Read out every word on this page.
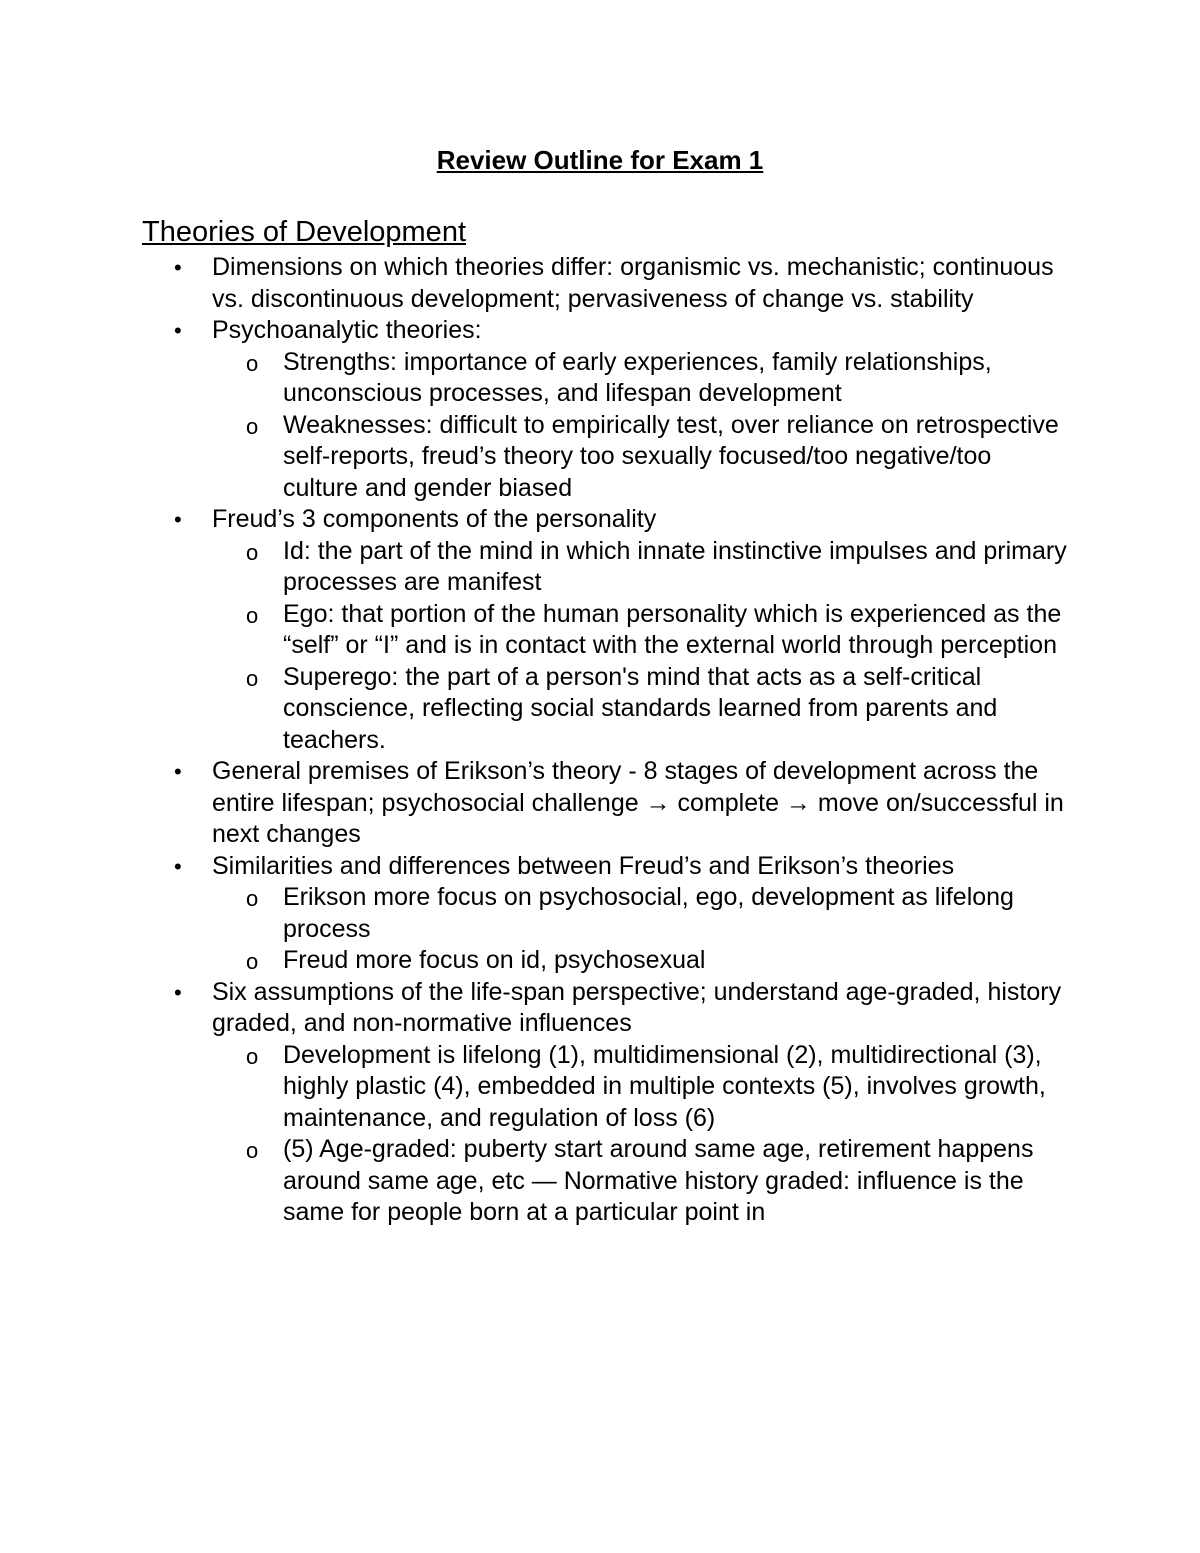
Review Outline for Exam 1
Theories of Development
• Dimensions on which theories differ: organismic vs. mechanistic; continuous vs. discontinuous development; pervasiveness of change vs. stability
• Psychoanalytic theories:
o Strengths: importance of early experiences, family relationships, unconscious processes, and lifespan development
o Weaknesses: difficult to empirically test, over reliance on retrospective self-reports, freud’s theory too sexually focused/too negative/too culture and gender biased
• Freud’s 3 components of the personality
o Id: the part of the mind in which innate instinctive impulses and primary processes are manifest
o Ego: that portion of the human personality which is experienced as the “self” or “I” and is in contact with the external world through perception
o Superego: the part of a person's mind that acts as a self-critical conscience, reflecting social standards learned from parents and teachers.
• General premises of Erikson’s theory - 8 stages of development across the entire lifespan; psychosocial challenge → complete → move on/successful in next changes
• Similarities and differences between Freud’s and Erikson’s theories
o Erikson more focus on psychosocial, ego, development as lifelong process
o Freud more focus on id, psychosexual
• Six assumptions of the life-span perspective; understand age-graded, history graded, and non-normative influences
o Development is lifelong (1), multidimensional (2), multidirectional (3), highly plastic (4), embedded in multiple contexts (5), involves growth, maintenance, and regulation of loss (6)
o (5) Age-graded: puberty start around same age, retirement happens around same age, etc — Normative history graded: influence is the same for people born at a particular point in
